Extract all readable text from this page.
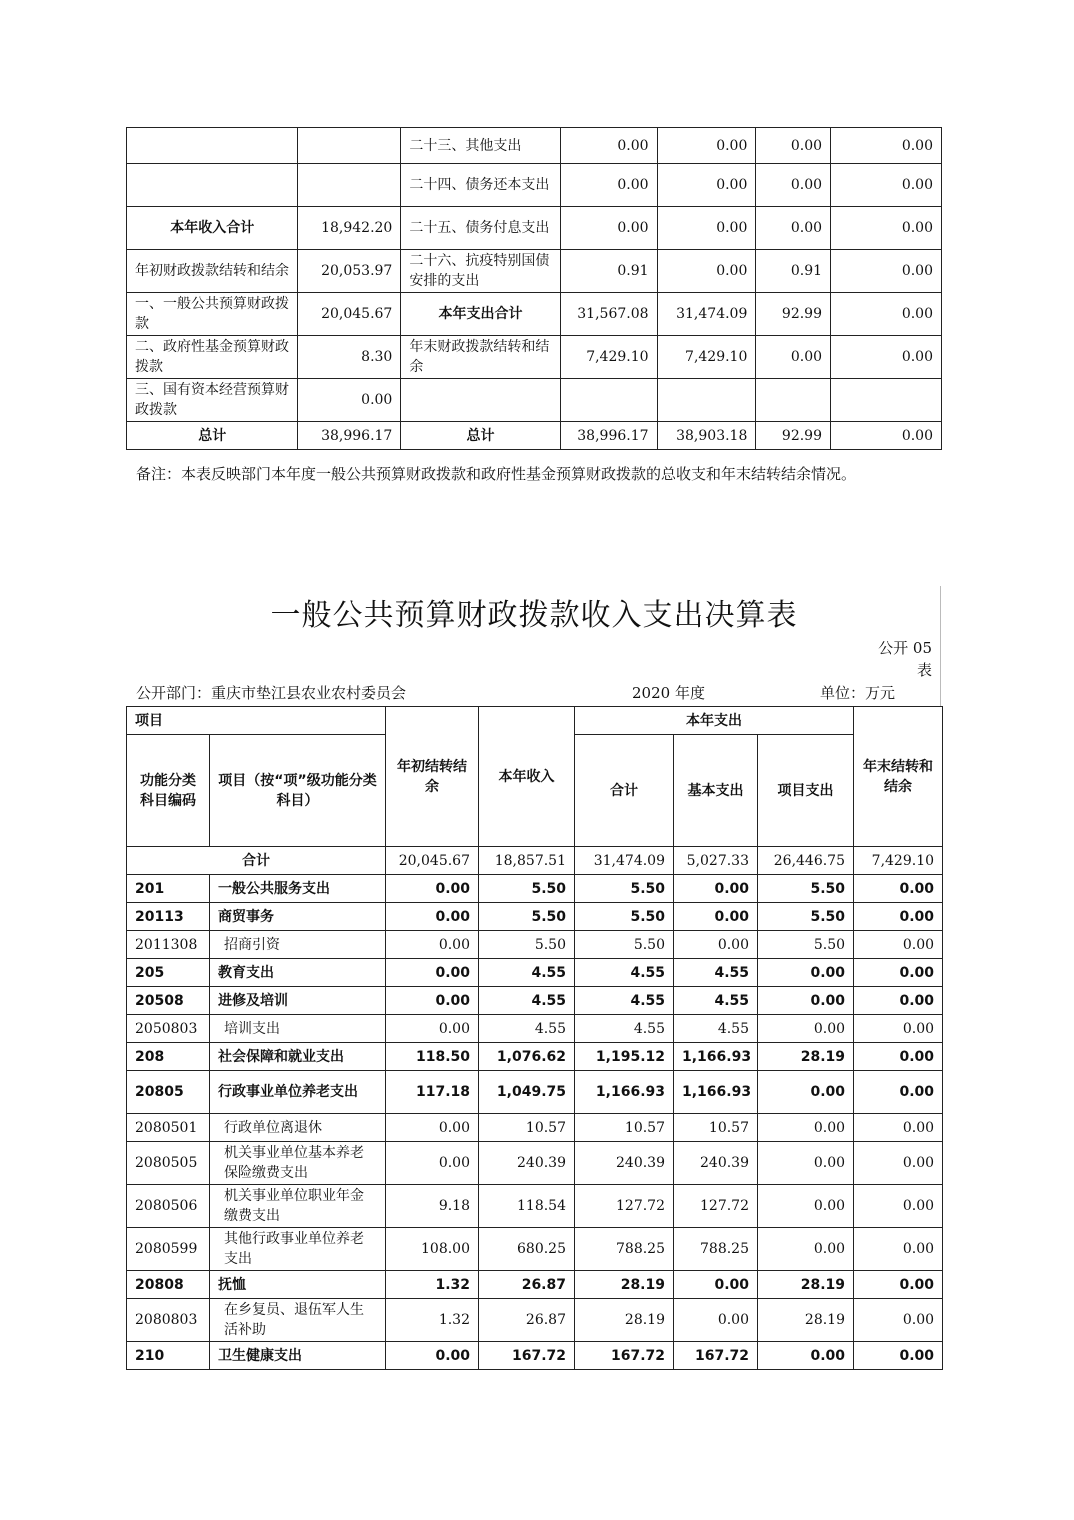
		二十三、其他支出	0.00	0.00	0.00	0.00
		二十四、债务还本支出	0.00	0.00	0.00	0.00
本年收入合计	18,942.20	二十五、债务付息支出	0.00	0.00	0.00	0.00
年初财政拨款结转和结余	20,053.97	二十六、抗疫特别国债安排的支出	0.91	0.00	0.91	0.00
一、一般公共预算财政拨款	20,045.67	本年支出合计	31,567.08	31,474.09	92.99	0.00
二、政府性基金预算财政拨款	8.30	年末财政拨款结转和结余	7,429.10	7,429.10	0.00	0.00
三、国有资本经营预算财政拨款	0.00					
总计	38,996.17	总计	38,996.17	38,903.18	92.99	0.00
备注：本表反映部门本年度一般公共预算财政拨款和政府性基金预算财政拨款的总收支和年末结转结余情况。
一般公共预算财政拨款收入支出决算表
公开 05 表
公开部门：重庆市垫江县农业农村委员会	2020 年度	单位：万元
项目		年初结转结余	本年收入	本年支出			年末结转和结余
功能分类科目编码	项目（按“项”级功能分类科目）			合计	基本支出	项目支出	
合计		20,045.67	18,857.51	31,474.09	5,027.33	26,446.75	7,429.10
201	一般公共服务支出	0.00	5.50	5.50	0.00	5.50	0.00
20113	商贸事务	0.00	5.50	5.50	0.00	5.50	0.00
2011308	招商引资	0.00	5.50	5.50	0.00	5.50	0.00
205	教育支出	0.00	4.55	4.55	4.55	0.00	0.00
20508	进修及培训	0.00	4.55	4.55	4.55	0.00	0.00
2050803	培训支出	0.00	4.55	4.55	4.55	0.00	0.00
208	社会保障和就业支出	118.50	1,076.62	1,195.12	1,166.93	28.19	0.00
20805	行政事业单位养老支出	117.18	1,049.75	1,166.93	1,166.93	0.00	0.00
2080501	行政单位离退休	0.00	10.57	10.57	10.57	0.00	0.00
2080505	机关事业单位基本养老保险缴费支出	0.00	240.39	240.39	240.39	0.00	0.00
2080506	机关事业单位职业年金缴费支出	9.18	118.54	127.72	127.72	0.00	0.00
2080599	其他行政事业单位养老支出	108.00	680.25	788.25	788.25	0.00	0.00
20808	抚恤	1.32	26.87	28.19	0.00	28.19	0.00
2080803	在乡复员、退伍军人生活补助	1.32	26.87	28.19	0.00	28.19	0.00
210	卫生健康支出	0.00	167.72	167.72	167.72	0.00	0.00
